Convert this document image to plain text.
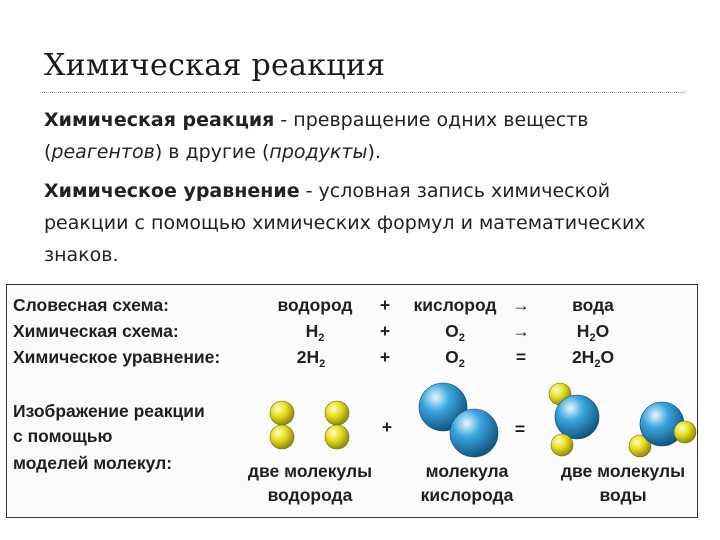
Химическая реакция

Химическая реакция - превращение одних веществ (реагентов) в другие (продукты).

Химическое уравнение - условная запись химической реакции с помощью химических формул и математических знаков.

Словесная схема:	водород + кислород → вода
Химическая схема:	$H_2$	+	$O_2$	→	$H_2O$
Химическое уравнение:	$2H_2$	+	$O_2$	=	$2H_2O$
Изображение реакции
с помощью
моделей молекул:
+	=
две молекулы
водорода
молекула
кислорода
две молекулы
воды
